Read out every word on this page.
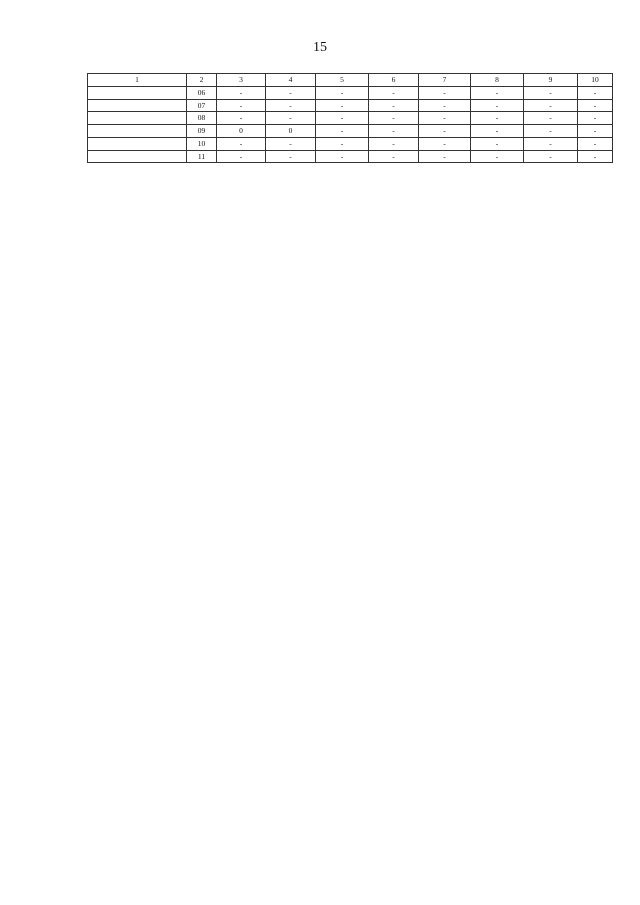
15
1	2	3	4	5	6	7	8	9	10
	06	-	-	-	-	-	-	-	-
	07	-	-	-	-	-	-	-	-
	08	-	-	-	-	-	-	-	-
	09	0	0	-	-	-	-	-	-
	10	-	-	-	-	-	-	-	-
	11	-	-	-	-	-	-	-	-
